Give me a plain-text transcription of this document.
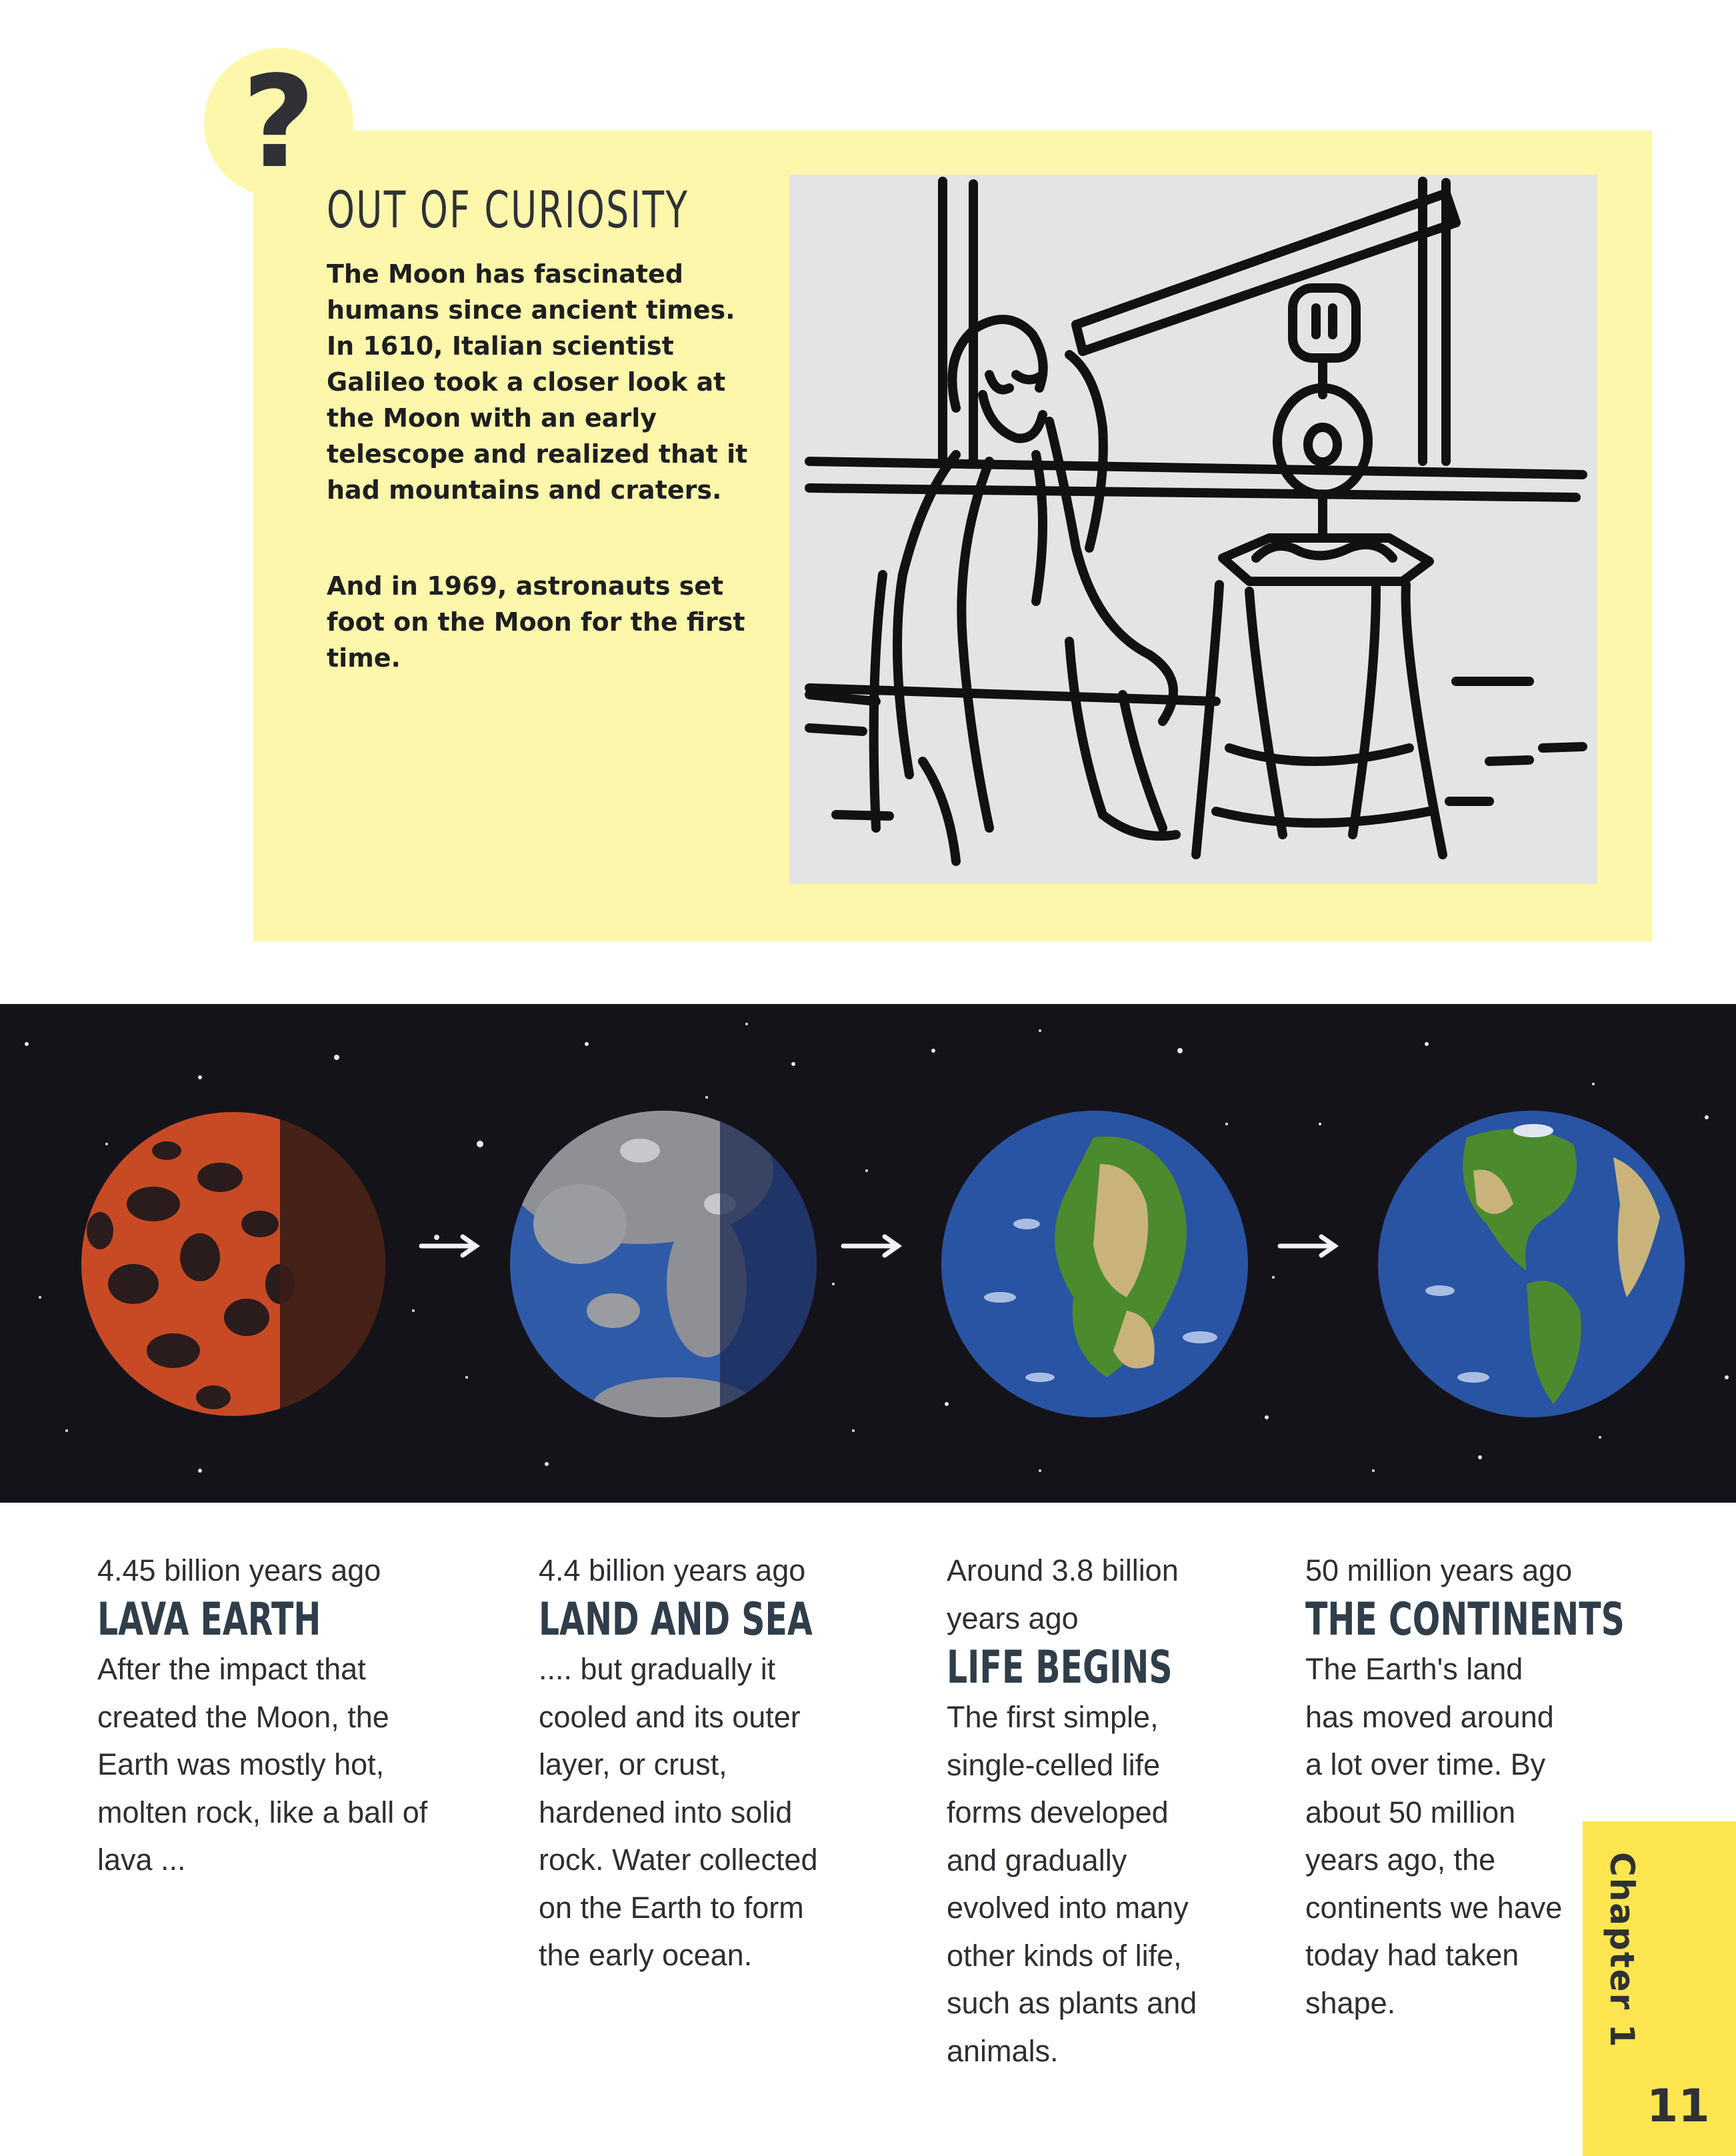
?
OUT OF CURIOSITY

The Moon has fascinated humans since ancient times. In 1610, Italian scientist Galileo took a closer look at the Moon with an early telescope and realized that it had mountains and craters.

And in 1969, astronauts set foot on the Moon for the first time.

4.45 billion years ago

LAVA EARTH

After the impact that created the Moon, the Earth was mostly hot, molten rock, like a ball of lava ...

4.4 billion years ago

LAND AND SEA

.... but gradually it cooled and its outer layer, or crust, hardened into solid rock. Water collected on the Earth to form the early ocean.

Around 3.8 billion years ago

LIFE BEGINS

The first simple, single-celled life forms developed and gradually evolved into many other kinds of life, such as plants and animals.

50 million years ago

THE CONTINENTS

The Earth's land has moved around a lot over time. By about 50 million years ago, the continents we have today had taken shape.	Chapter 1
11
